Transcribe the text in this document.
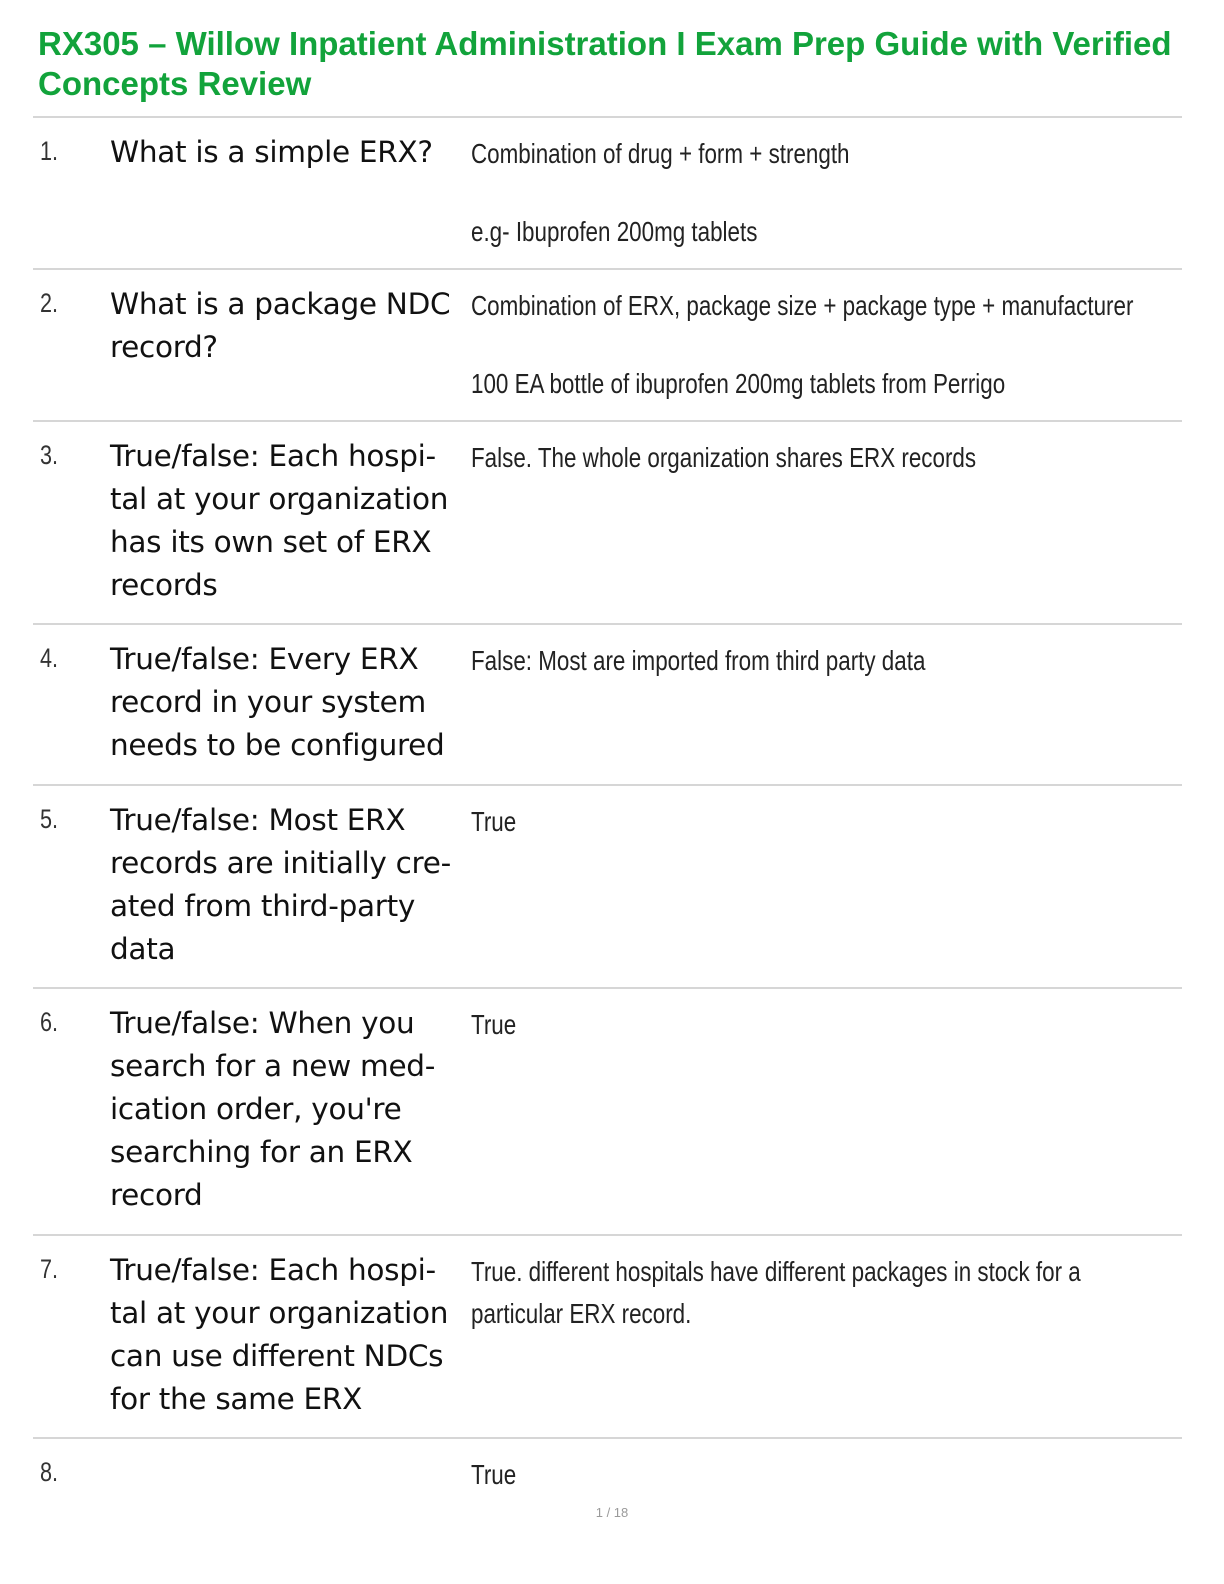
RX305 – Willow Inpatient Administration I Exam Prep Guide with Verified Concepts Review
1. What is a simple ERX?	Combination of drug + form + strength
e.g- Ibuprofen 200mg tablets
2. What is a package NDC record?
Combination of ERX, package size + package type + manufacturer
100 EA bottle of ibuprofen 200mg tablets from Perrigo
3. True/false: Each hospi- tal at your organization has its own set of ERX records
False. The whole organization shares ERX records
4. True/false: Every ERX record in your system needs to be configured
False: Most are imported from third party data
5. True/false: Most ERX records are initially cre- ated from third-party data
True
6. True/false: When you search for a new med- ication order, you're searching for an ERX record
True
7. True/false: Each hospi- tal at your organization can use different NDCs for the same ERX
True. different hospitals have different packages in stock for a particular ERX record.
8.	True
1 / 18
